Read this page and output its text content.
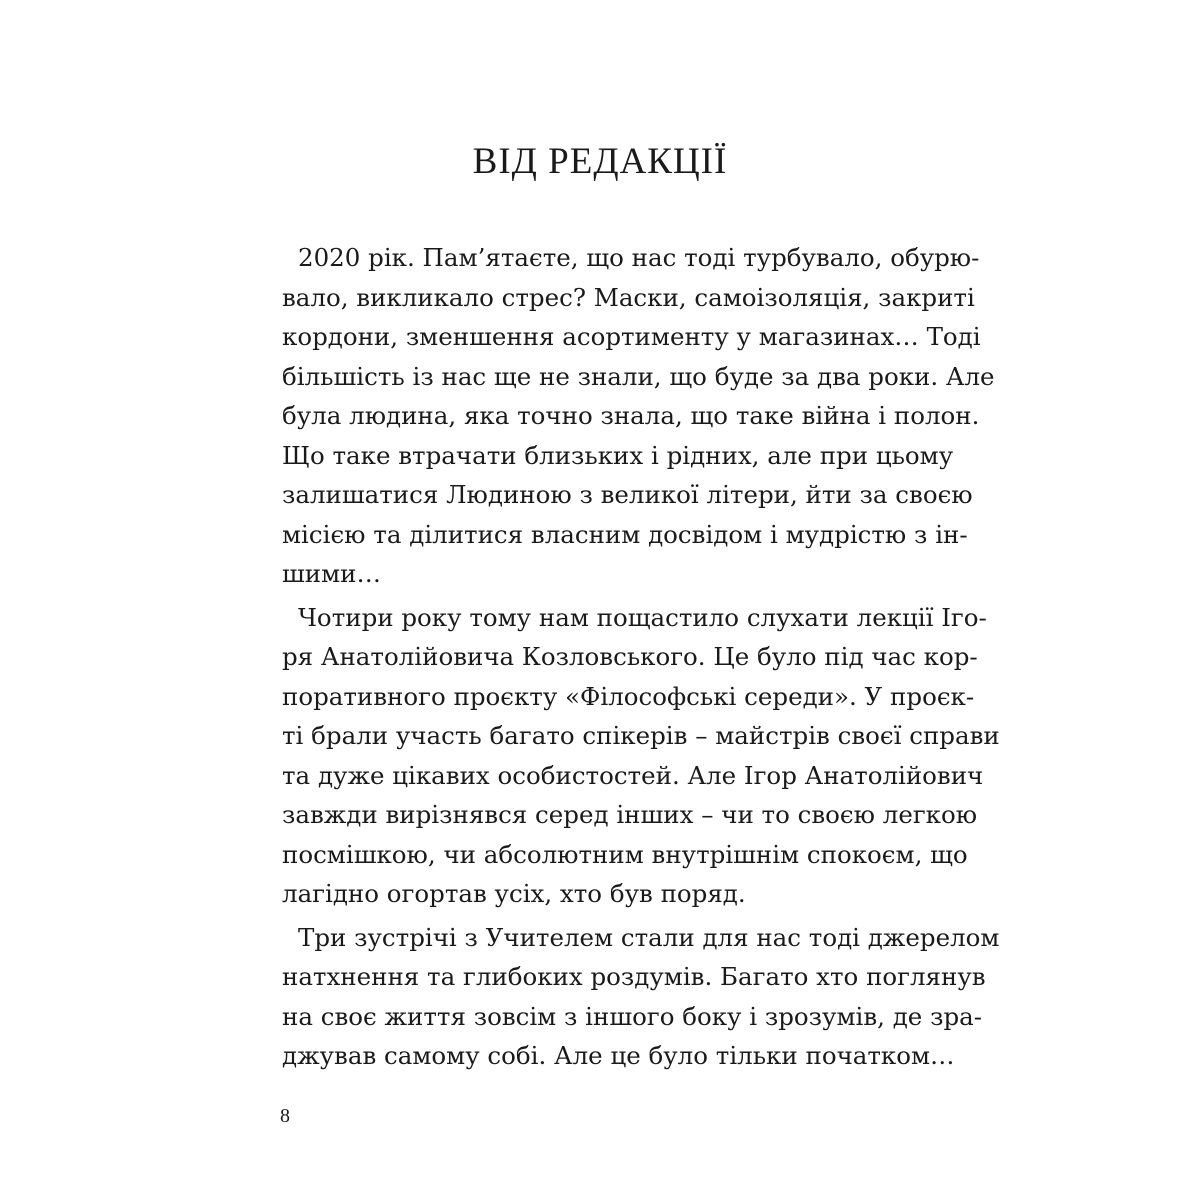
ВІД РЕДАКЦІЇ

2020 рік. Пам’ятаєте, що нас тоді турбувало, обурю-
вало, викликало стрес? Маски, самоізоляція, закриті
кордони, зменшення асортименту у магазинах… Тоді
більшість із нас ще не знали, що буде за два роки. Але
була людина, яка точно знала, що таке війна і полон.
Що таке втрачати близьких і рідних, але при цьому
залишатися Людиною з великої літери, йти за своєю
місією та ділитися власним досвідом і мудрістю з ін-
шими…

Чотири року тому нам пощастило слухати лекції Ігo-
ря Анатолійовича Козловського. Це було під час кор-
поративного проєкту «Філософські середи». У проєк-
ті брали участь багато спікерів – майстрів своєї справи
та дуже цікавих особистостей. Але Ігор Анатолійович
завжди вирізнявся серед інших – чи то своєю легкою
посмішкою, чи абсолютним внутрішнім спокоєм, що
лагідно огортав усіх, хто був поряд.

Три зустрічі з Учителем стали для нас тоді джерелом
натхнення та глибоких роздумів. Багато хто поглянув
на своє життя зовсім з іншого боку і зрозумів, де зра-
джував самому собі. Але це було тільки початком…

8
